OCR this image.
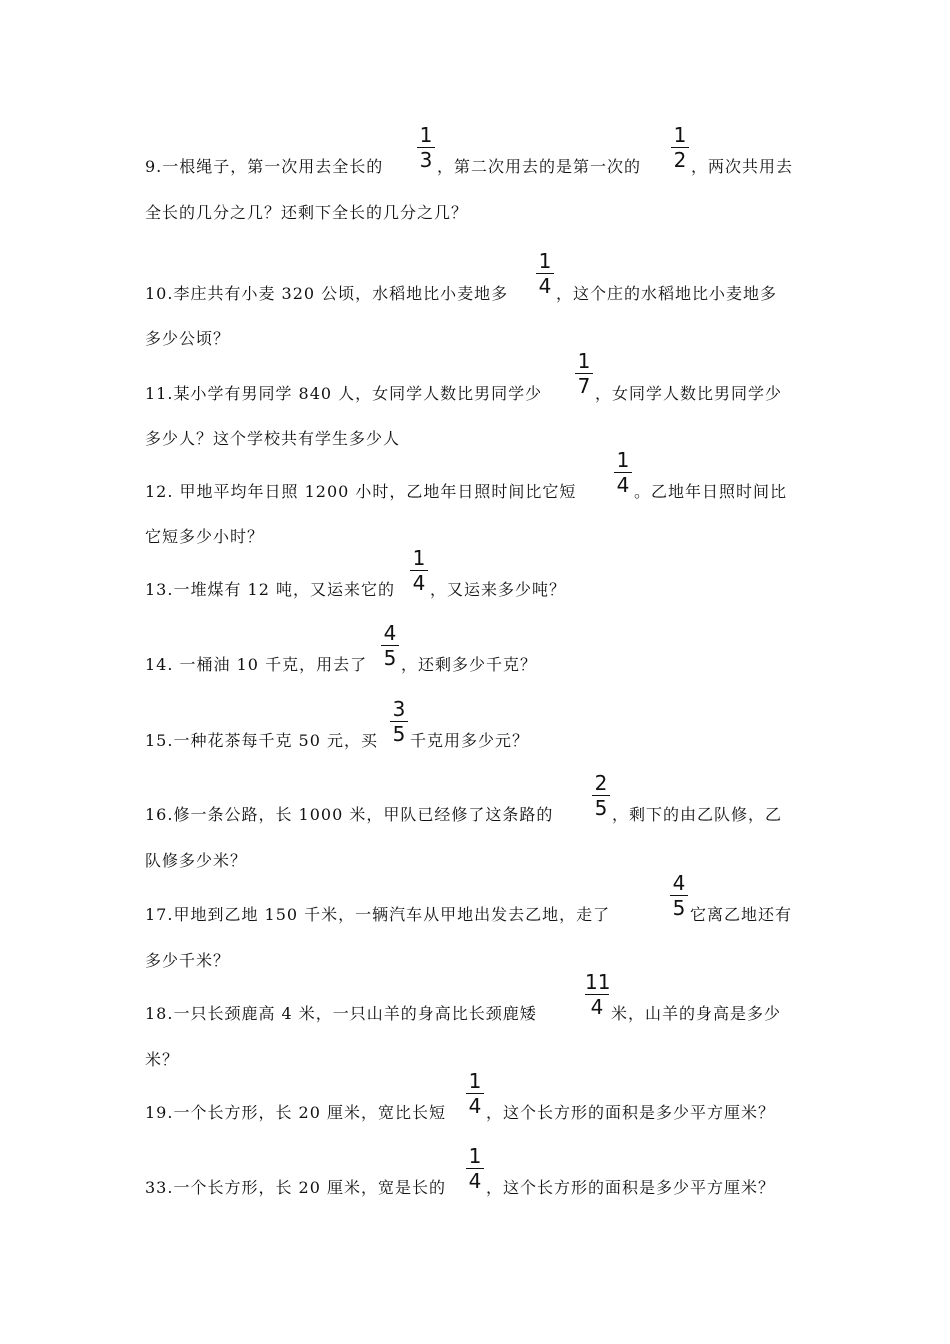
9.一根绳子，第一次用去全长的
1
3 ，第二次用去的是第一次的
1
2 ，两次共用去
全长的几分之几？还剩下全长的几分之几？
10.李庄共有小麦 320 公顷，水稻地比小麦地多
1
4 ，这个庄的水稻地比小麦地多
多少公顷？
11.某小学有男同学 840 人，女同学人数比男同学少
1
7 ，女同学人数比男同学少
多少人？这个学校共有学生多少人
12. 甲地平均年日照 1200 小时，乙地年日照时间比它短
1
4 。乙地年日照时间比
它短多少小时？
13.一堆煤有 12 吨，又运来它的
1
4 ，又运来多少吨？
14. 一桶油 10 千克，用去了
4
5 ，还剩多少千克？
15.一种花茶每千克 50 元，买
3
5 千克用多少元？
16.修一条公路，长 1000 米，甲队已经修了这条路的
2
5 ，剩下的由乙队修，乙
队修多少米？
17.甲地到乙地 150 千米，一辆汽车从甲地出发去乙地，走了
4
5 它离乙地还有
多少千米？
18.一只长颈鹿高 4 米，一只山羊的身高比长颈鹿矮
11
4 米，山羊的身高是多少
米？
19.一个长方形，长 20 厘米，宽比长短
1
4 ，这个长方形的面积是多少平方厘米？
33.一个长方形，长 20 厘米，宽是长的
1
4 ，这个长方形的面积是多少平方厘米？
